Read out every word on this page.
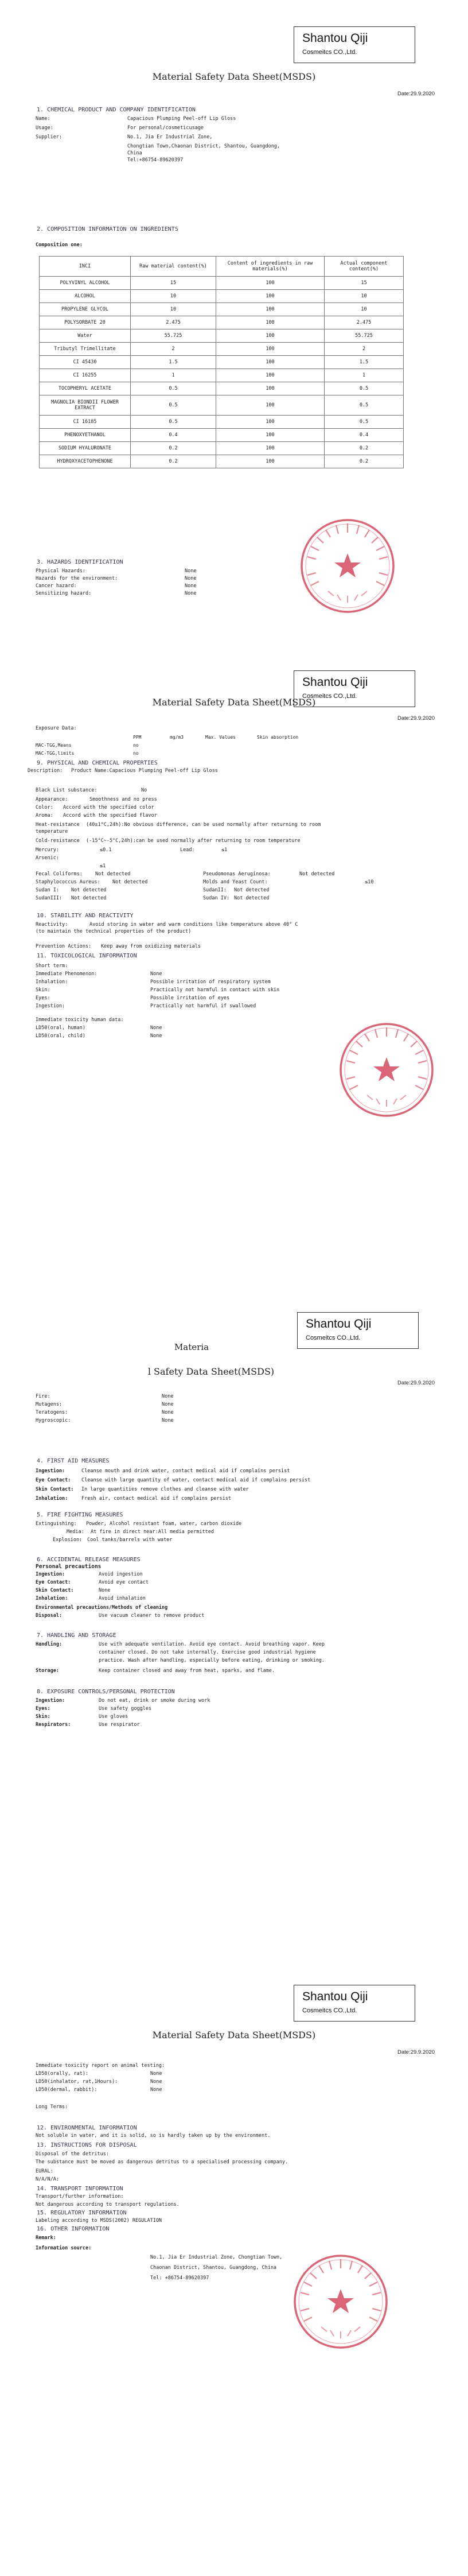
Shantou Qiji
Cosmeitcs CO.,Ltd.
Material Safety Data Sheet(MSDS)
Date:29.9.2020
1. CHEMICAL PRODUCT AND COMPANY IDENTIFICATION
Name:	Capacious Plumping Peel-off Lip Gloss
Usage:	For personal/cosmeticusage
Supplier:	No.1, Jia Er Industrial Zone,
Chongtian Town,Chaonan District, Shantou, Guangdong,
China
Tel:+86754-89620397
2. COMPOSITION INFORMATION ON INGREDIENTS
Composition one:
INCI	Raw material content(%)	Content of ingredients in raw materials(%)	Actual component content(%)
POLYVINYL ALCOHOL	15	100	15
ALCOHOL	10	100	10
PROPYLENE GLYCOL	10	100	10
POLYSORBATE 20	2.475	100	2.475
Water	55.725	100	55.725
Tributyl Trimellitate	2	100	2
CI 45430	1.5	100	1.5
CI 16255	1	100	1
TOCOPHERYL ACETATE	0.5	100	0.5
MAGNOLIA BIONDII FLOWER EXTRACT	0.5	100	0.5
CI 16185	0.5	100	0.5
PHENOXYETHANOL	0.4	100	0.4
SODIUM HYALURONATE	0.2	100	0.2
HYDROXYACETOPHENONE	0.2	100	0.2
3. HAZARDS IDENTIFICATION
Physical Hazards:	None
Hazards for the environment:	None
Cancer hazard:	None
Sensitizing hazard:	None
Shantou Qiji
Cosmeitcs CO.,Ltd.
Material Safety Data Sheet(MSDS)
Date:29.9.2020
Exposure Data:
PPM	mg/m3	Max. Values	Skin absorption
MAC-TGG,Means	no
MAC-TGG,limits	no
9. PHYSICAL AND CHEMICAL PROPERTIES
Description: Product Name:Capacious Plumping Peel-off Lip Gloss
Black List substance:	No
Appearance:	Smoothness and no press
Color: Accord with the specified color
Aroma: Accord with the specified flavor
Heat-resistance (40±1°C,24h):No obvious difference, can be used normally after returning to room
temperature
Cold-resistance (-15°C~-5°C,24h):can be used normally after returning to room temperature
Mercury:	≤0.1	Lead:	≤1
Arsenic:
≤1
Fecal Coliforms:	Not detected	Pseudomonas Aeruginosa:	Not detected
Staphylococcus Aureus:	Not detected	Molds and Yeast Count:	≤10
Sudan I: Not detected	SudanII: Not detected
SudanIII: Not detected	Sudan IV: Not detected
10. STABILITY AND REACTIVITY
Reactivity:	Avoid storing in water and warm conditions like temperature above 40° C
(to maintain the technical properties of the product)
Prevention Actions: Keep away from oxidizing materials
11. TOXICOLOGICAL INFORMATION
Short term:
Immediate Phenomenon:	None
Inhalation:	Possible irritation of respiratory system
Skin:	Practically not harmful in contact with skin
Eyes:	Possible irritation of eyes
Ingestion:	Practically not harmful if swallowed
Immediate toxicity human data:
LD50(oral, human)	None
LD50(oral, child)	None
Shantou Qiji
Cosmeitcs CO.,Ltd.
Materia
l Safety Data Sheet(MSDS)
Date:29.9.2020
Fire:	None
Mutagens:	None
Teratogens:	None
Hygroscopic:	None
4. FIRST AID MEASURES
Ingestion:	Cleanse mouth and drink water, contact medical aid if complains persist
Eye Contact: Cleanse with large quantity of water, contact medical aid if complains persist
Skin Contact: In large quantities remove clothes and cleanse with water
Inhalation:	Fresh air, contact medical aid if complains persist
5. FIRE FIGHTING MEASURES
Extinguishing: Powder, Alcohol resistant foam, water, carbon dioxide
Media: At fire in direct near:All media permitted
Explosion: Cool tanks/barrels with water
6. ACCIDENTAL RELEASE MEASURES
Personal precautions
Ingestion:	Avoid ingestion
Eye Contact:	Avoid eye contact
Skin Contact:	None
Inhalation:	Avoid inhalation
Environmental precautions/Methods of cleaning
Disposal:	Use vacuum cleaner to remove product
7. HANDLING AND STORAGE
Handling:	Use with adequate ventilation. Avoid eye contact. Avoid breathing vapor. Keep
container closed. Do not take internally. Exercise good industrial hygiene
practice. Wash after handling, especially before eating, drinking or smoking.
Storage:	Keep container closed and away from heat, sparks, and flame.
8. EXPOSURE CONTROLS/PERSONAL PROTECTION
Ingestion:	Do not eat, drink or smoke during work
Eyes:	Use safety goggles
Skin:	Use gloves
Respirators:	Use respirator
Shantou Qiji
Cosmeitcs CO.,Ltd.
Material Safety Data Sheet(MSDS)
Date:29.9.2020
Immediate toxicity report on animal testing:
LD50(orally, rat):	None
LD50(inhalator, rat,1Hours):	None
LD50(dermal, rabbit):	None
Long Terms:
12. ENVIRONMENTAL INFORMATION
Not soluble in water, and it is solid, so is hardly taken up by the environment.
13. INSTRUCTIONS FOR DISPOSAL
Disposal of the detritus:
The substance must be moved as dangerous detritus to a specialised processing company.
EURAL:
N/A/N/A:
14. TRANSPORT INFORMATION
Transport/further information:
Not dangerous according to transport regulations.
15. REGULATORY INFORMATION
Labeling according to MSDS(2002) REGULATION
16. OTHER INFORMATION
Remark:
Information source:
No.1, Jia Er Industrial Zone, Chongtian Town,
Chaonan District, Shantou, Guangdong, China
Tel: +86754-89620397
